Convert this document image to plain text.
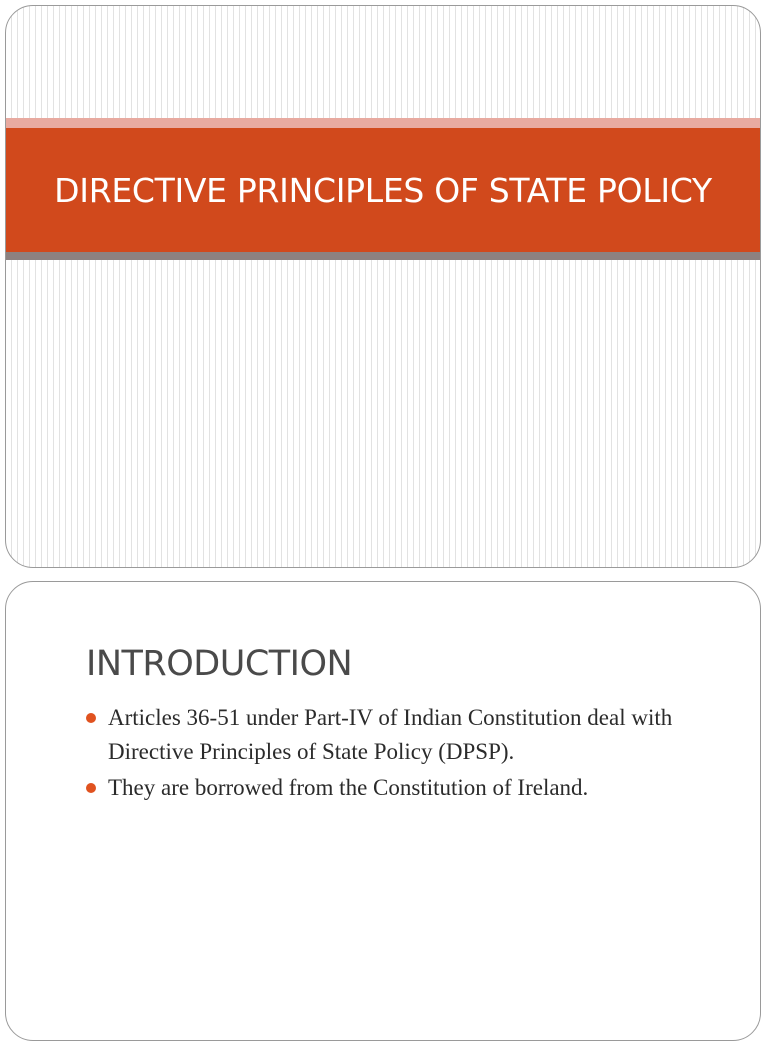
DIRECTIVE PRINCIPLES OF STATE POLICY
INTRODUCTION
Articles 36-51 under Part-IV of Indian Constitution deal with Directive Principles of State Policy (DPSP).
They are borrowed from the Constitution of Ireland.
